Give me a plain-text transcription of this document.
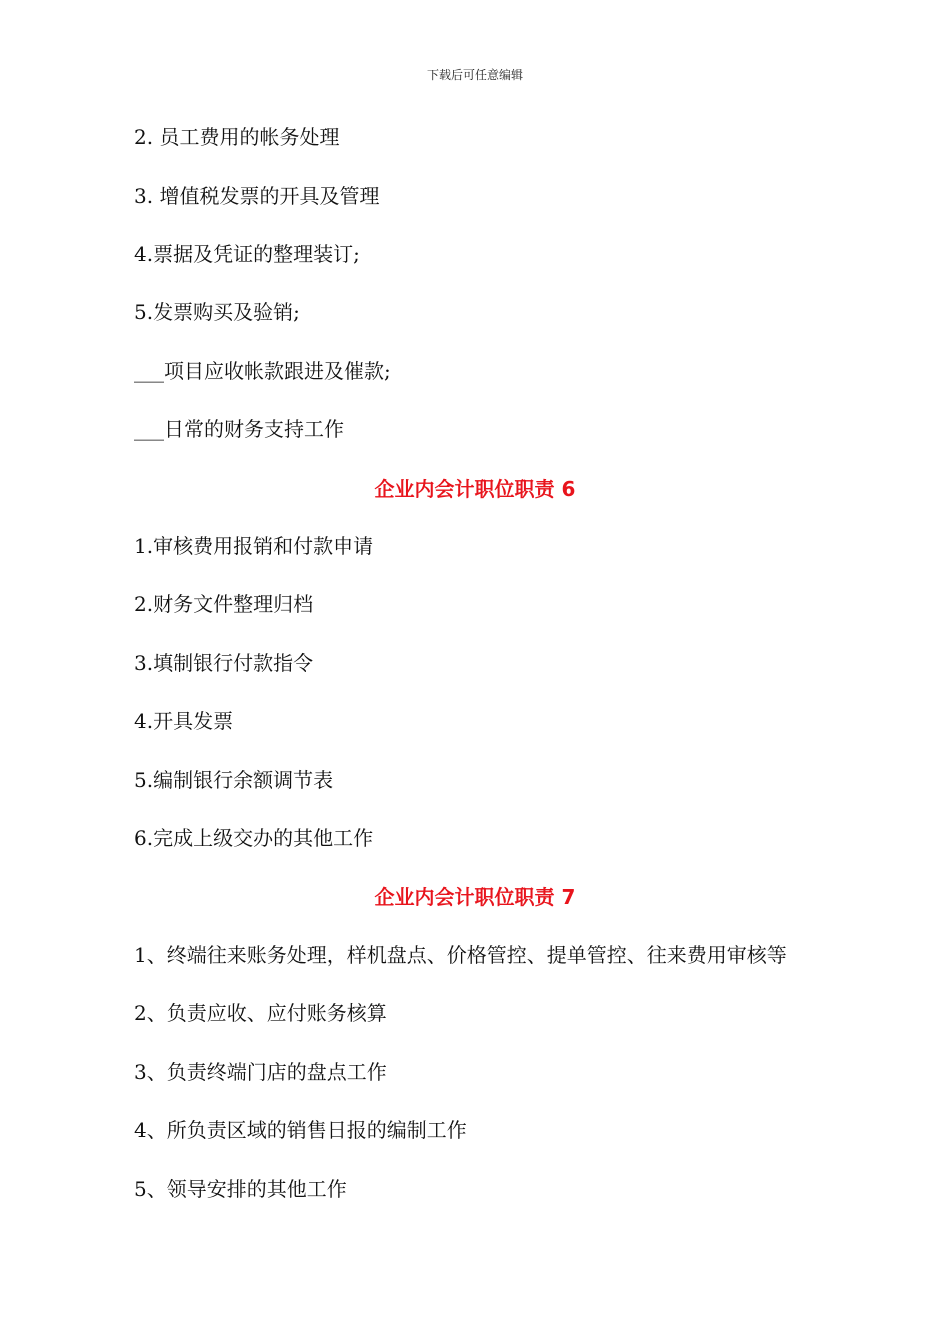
下载后可任意编辑
2. 员工费用的帐务处理
3. 增值税发票的开具及管理
4.票据及凭证的整理装订;
5.发票购买及验销;
___项目应收帐款跟进及催款;
___日常的财务支持工作
企业内会计职位职责 6
1.审核费用报销和付款申请
2.财务文件整理归档
3.填制银行付款指令
4.开具发票
5.编制银行余额调节表
6.完成上级交办的其他工作
企业内会计职位职责 7
1、终端往来账务处理，样机盘点、价格管控、提单管控、往来费用审核等
2、负责应收、应付账务核算
3、负责终端门店的盘点工作
4、所负责区域的销售日报的编制工作
5、领导安排的其他工作
